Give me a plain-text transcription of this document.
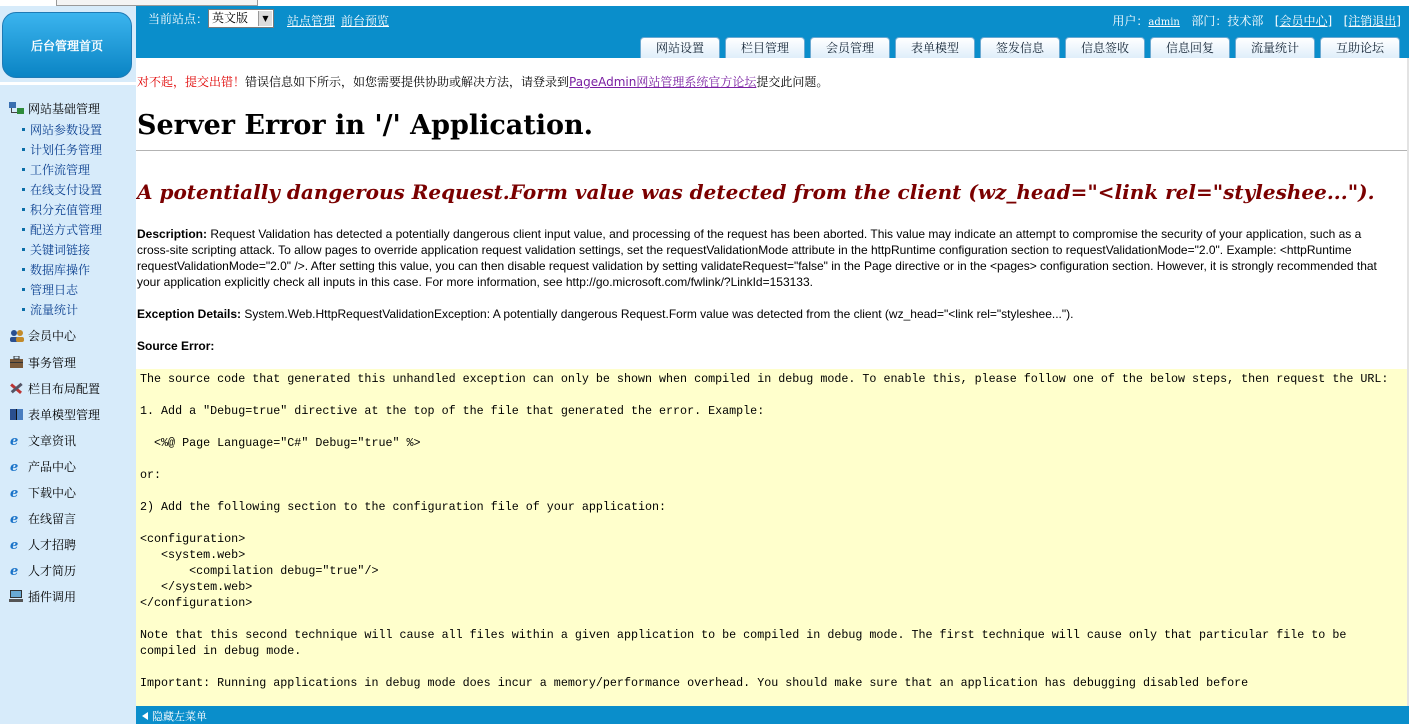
当前站点： 英文版	▼ 站点管理 前台预览	用户：admin 部门：技术部 [会员中心] [注销退出]
网站设置	栏目管理	会员管理	表单模型	签发信息	信息签收	信息回复	流量统计	互助论坛
后台管理首页
网站基础管理
网站参数设置
计划任务管理
工作流管理
在线支付设置
积分充值管理
配送方式管理
关键词链接
数据库操作
管理日志
流量统计
会员中心
事务管理
栏目布局配置
表单模型管理
e 文章资讯
e 产品中心
e 下载中心
e 在线留言
e 人才招聘
e 人才简历
插件调用
对不起，提交出错！错误信息如下所示，如您需要提供协助或解决方法，请登录到PageAdmin网站管理系统官方论坛提交此问题。
Server Error in '/' Application.
A potentially dangerous Request.Form value was detected from the client (wz_head="<link rel="styleshee...").

Description: Request Validation has detected a potentially dangerous client input value, and processing of the request has been aborted. This value may indicate an attempt to compromise the security of your application, such as a cross-site scripting attack. To allow pages to override application request validation settings, set the requestValidationMode attribute in the httpRuntime configuration section to requestValidationMode="2.0". Example: <httpRuntime requestValidationMode="2.0" />. After setting this value, you can then disable request validation by setting validateRequest="false" in the Page directive or in the <pages> configuration section. However, it is strongly recommended that your application explicitly check all inputs in this case. For more information, see http://go.microsoft.com/fwlink/?LinkId=153133.

Exception Details: System.Web.HttpRequestValidationException: A potentially dangerous Request.Form value was detected from the client (wz_head="<link rel="styleshee...").

Source Error:

The source code that generated this unhandled exception can only be shown when compiled in debug mode. To enable this, please follow one of the below steps, then request the URL:

1. Add a "Debug=true" directive at the top of the file that generated the error. Example:

<%@ Page Language="C#" Debug="true" %>

or:

2) Add the following section to the configuration file of your application:

<configuration>
<system.web>
<compilation debug="true"/>
</system.web>
</configuration>

Note that this second technique will cause all files within a given application to be compiled in debug mode. The first technique will cause only that particular file to be compiled in debug mode.

Important: Running applications in debug mode does incur a memory/performance overhead. You should make sure that an application has debugging disabled before
隐藏左菜单
